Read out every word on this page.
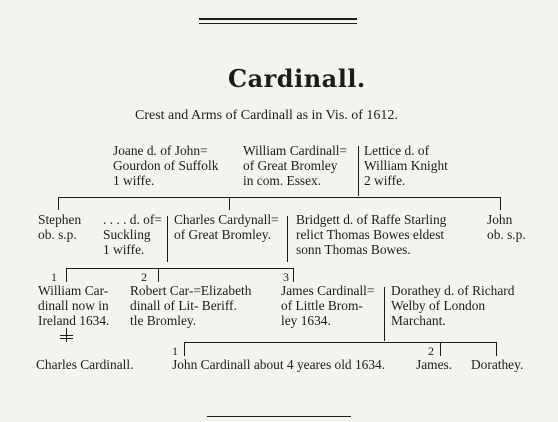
Cardinall.
Crest and Arms of Cardinall as in Vis. of 1612.
Joane d. of John=
Gourdon of Suffolk
1 wiffe.
William Cardinall=
of Great Bromley
in com. Essex.
Lettice d. of
William Knight
2 wiffe.
Stephen
ob. s.p.
. . . . d. of=
Suckling
1 wiffe.
Charles Cardynall=
of Great Bromley.
Bridgett d. of Raffe Starling
relict Thomas Bowes eldest
sonn Thomas Bowes.
John
ob. s.p.
1	2	3
William Car-
dinall now in
Ireland 1634.
Robert Car-=Elizabeth
dinall of Lit- Beriff.
tle Bromley.
James Cardinall=
of Little Brom-
ley 1634.
Dorathey d. of Richard
Welby of London
Marchant.
1	2
Charles Cardinall.	John Cardinall about 4 yeares old 1634. James. Dorathey.
